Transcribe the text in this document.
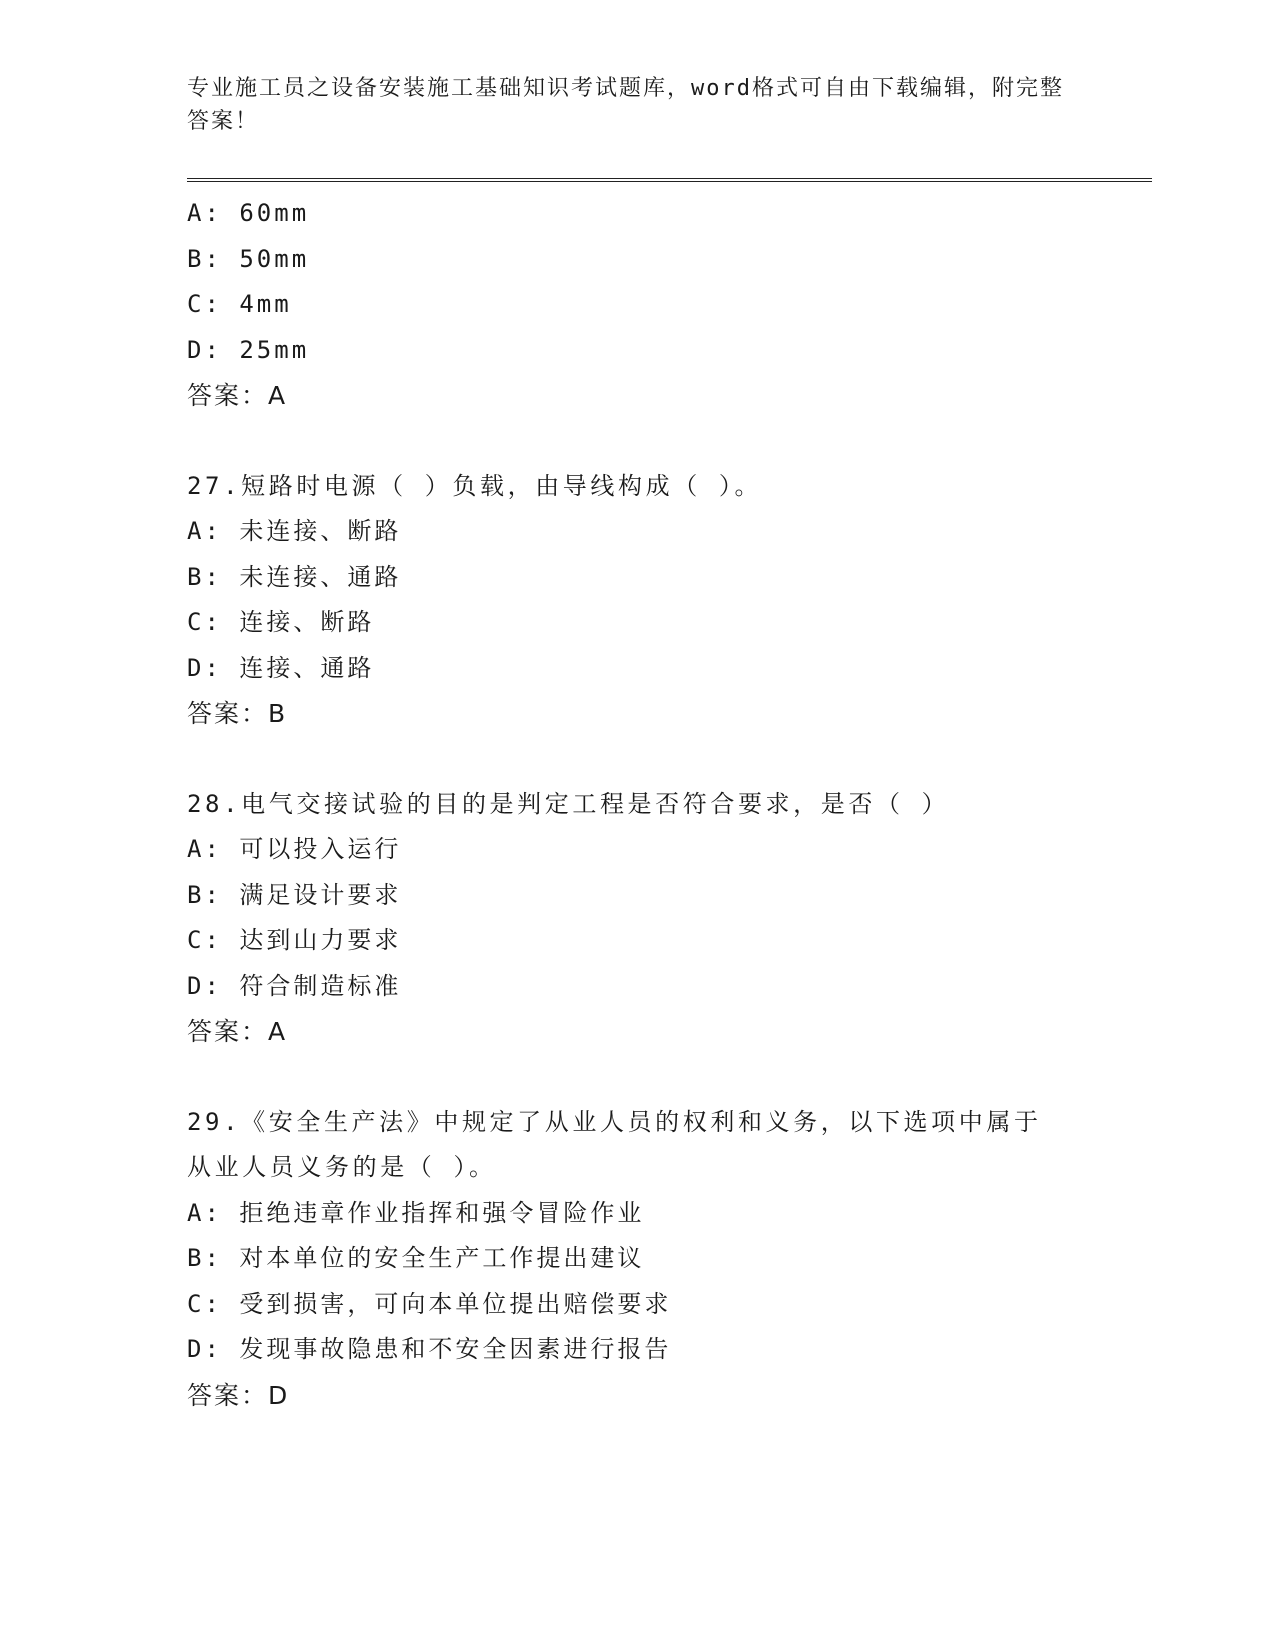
专业施工员之设备安装施工基础知识考试题库，word格式可自由下载编辑，附完整答案！
A: 60mm
B: 50mm
C: 4mm
D: 25mm
答案：A
27.短路时电源（ ）负载，由导线构成（ ）。
A: 未连接、断路
B: 未连接、通路
C: 连接、断路
D: 连接、通路
答案：B
28.电气交接试验的目的是判定工程是否符合要求，是否（ ）
A: 可以投入运行
B: 满足设计要求
C: 达到山力要求
D: 符合制造标准
答案：A
29.《安全生产法》中规定了从业人员的权利和义务，以下选项中属于从业人员义务的是（ ）。
A: 拒绝违章作业指挥和强令冒险作业
B: 对本单位的安全生产工作提出建议
C: 受到损害，可向本单位提出赔偿要求
D: 发现事故隐患和不安全因素进行报告
答案：D
